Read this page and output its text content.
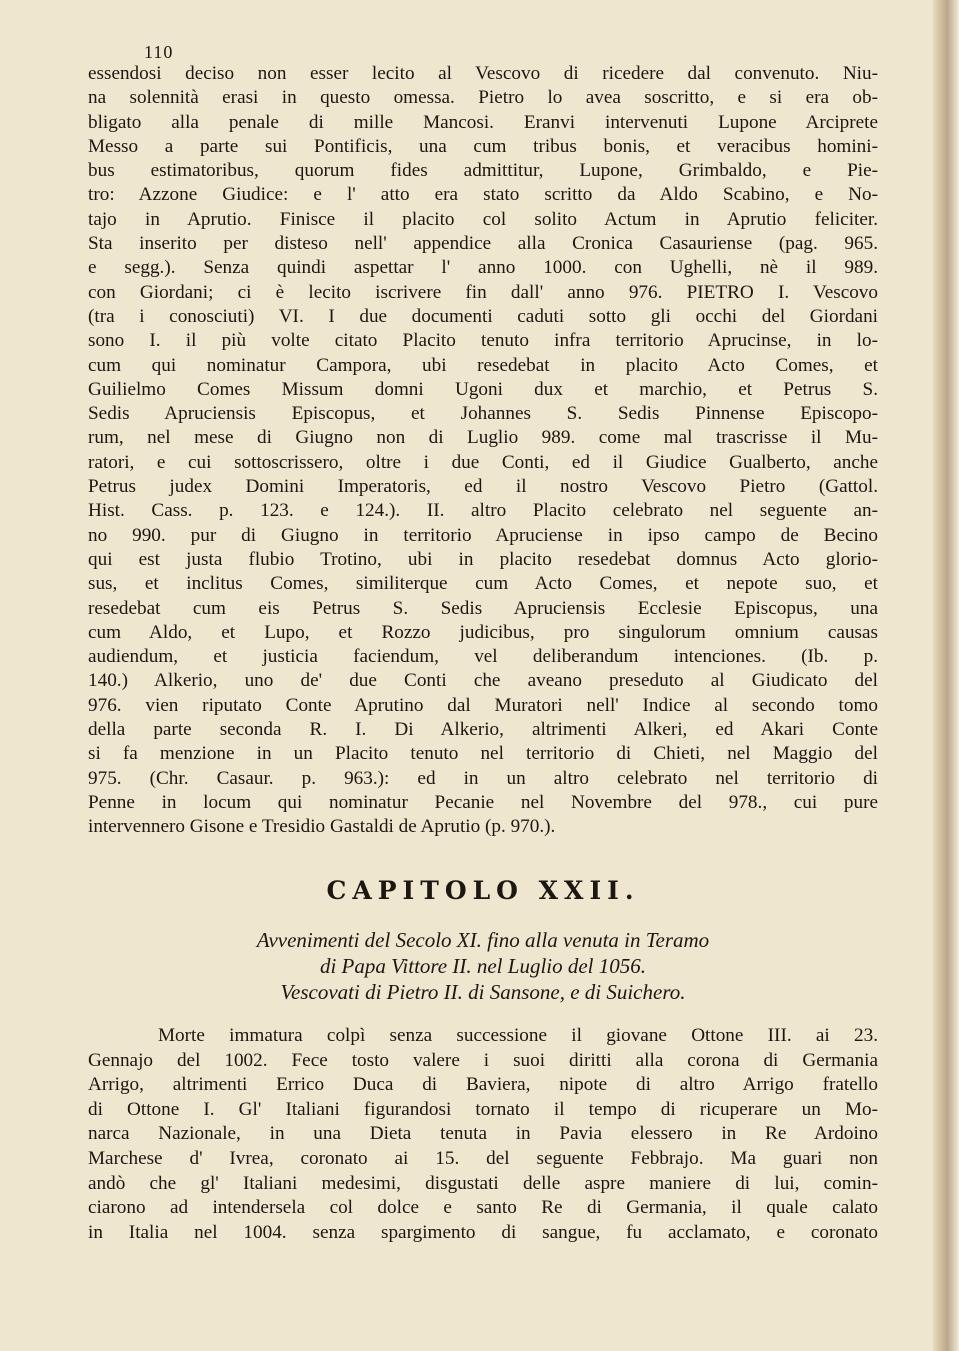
110
essendosi deciso non esser lecito al Vescovo di ricedere dal convenuto. Niu-
na solennità erasi in questo omessa. Pietro lo avea soscritto, e si era ob-
bligato alla penale di mille Mancosi. Eranvi intervenuti Lupone Arciprete
Messo a parte sui Pontificis, una cum tribus bonis, et veracibus homini-
bus estimatoribus, quorum fides admittitur, Lupone, Grimbaldo, e Pie-
tro: Azzone Giudice: e l' atto era stato scritto da Aldo Scabino, e No-
tajo in Aprutio. Finisce il placito col solito Actum in Aprutio feliciter.
Sta inserito per disteso nell' appendice alla Cronica Casauriense (pag. 965.
e segg.). Senza quindi aspettar l' anno 1000. con Ughelli, nè il 989.
con Giordani; ci è lecito iscrivere fin dall' anno 976. PIETRO I. Vescovo
(tra i conosciuti) VI. I due documenti caduti sotto gli occhi del Giordani
sono I. il più volte citato Placito tenuto infra territorio Aprucinse, in lo-
cum qui nominatur Campora, ubi resedebat in placito Acto Comes, et
Guilielmo Comes Missum domni Ugoni dux et marchio, et Petrus S.
Sedis Apruciensis Episcopus, et Johannes S. Sedis Pinnense Episcopo-
rum, nel mese di Giugno non di Luglio 989. come mal trascrisse il Mu-
ratori, e cui sottoscrissero, oltre i due Conti, ed il Giudice Gualberto, anche
Petrus judex Domini Imperatoris, ed il nostro Vescovo Pietro (Gattol.
Hist. Cass. p. 123. e 124.). II. altro Placito celebrato nel seguente an-
no 990. pur di Giugno in territorio Apruciense in ipso campo de Becino
qui est justa flubio Trotino, ubi in placito resedebat domnus Acto glorio-
sus, et inclitus Comes, similiterque cum Acto Comes, et nepote suo, et
resedebat cum eis Petrus S. Sedis Apruciensis Ecclesie Episcopus, una
cum Aldo, et Lupo, et Rozzo judicibus, pro singulorum omnium causas
audiendum, et justicia faciendum, vel deliberandum intenciones. (Ib. p.
140.) Alkerio, uno de' due Conti che aveano preseduto al Giudicato del
976. vien riputato Conte Aprutino dal Muratori nell' Indice al secondo tomo
della parte seconda R. I. Di Alkerio, altrimenti Alkeri, ed Akari Conte
si fa menzione in un Placito tenuto nel territorio di Chieti, nel Maggio del
975. (Chr. Casaur. p. 963.): ed in un altro celebrato nel territorio di
Penne in locum qui nominatur Pecanie nel Novembre del 978., cui pure
intervennero Gisone e Tresidio Gastaldi de Aprutio (p. 970.).
CAPITOLO XXII.
Avvenimenti del Secolo XI. fino alla venuta in Teramo
di Papa Vittore II. nel Luglio del 1056.
Vescovati di Pietro II. di Sansone, e di Suichero.
Morte immatura colpì senza successione il giovane Ottone III. ai 23.
Gennajo del 1002. Fece tosto valere i suoi diritti alla corona di Germania
Arrigo, altrimenti Errico Duca di Baviera, nipote di altro Arrigo fratello
di Ottone I. Gl' Italiani figurandosi tornato il tempo di ricuperare un Mo-
narca Nazionale, in una Dieta tenuta in Pavia elessero in Re Ardoino
Marchese d' Ivrea, coronato ai 15. del seguente Febbrajo. Ma guari non
andò che gl' Italiani medesimi, disgustati delle aspre maniere di lui, comin-
ciarono ad intendersela col dolce e santo Re di Germania, il quale calato
in Italia nel 1004. senza spargimento di sangue, fu acclamato, e coronato
